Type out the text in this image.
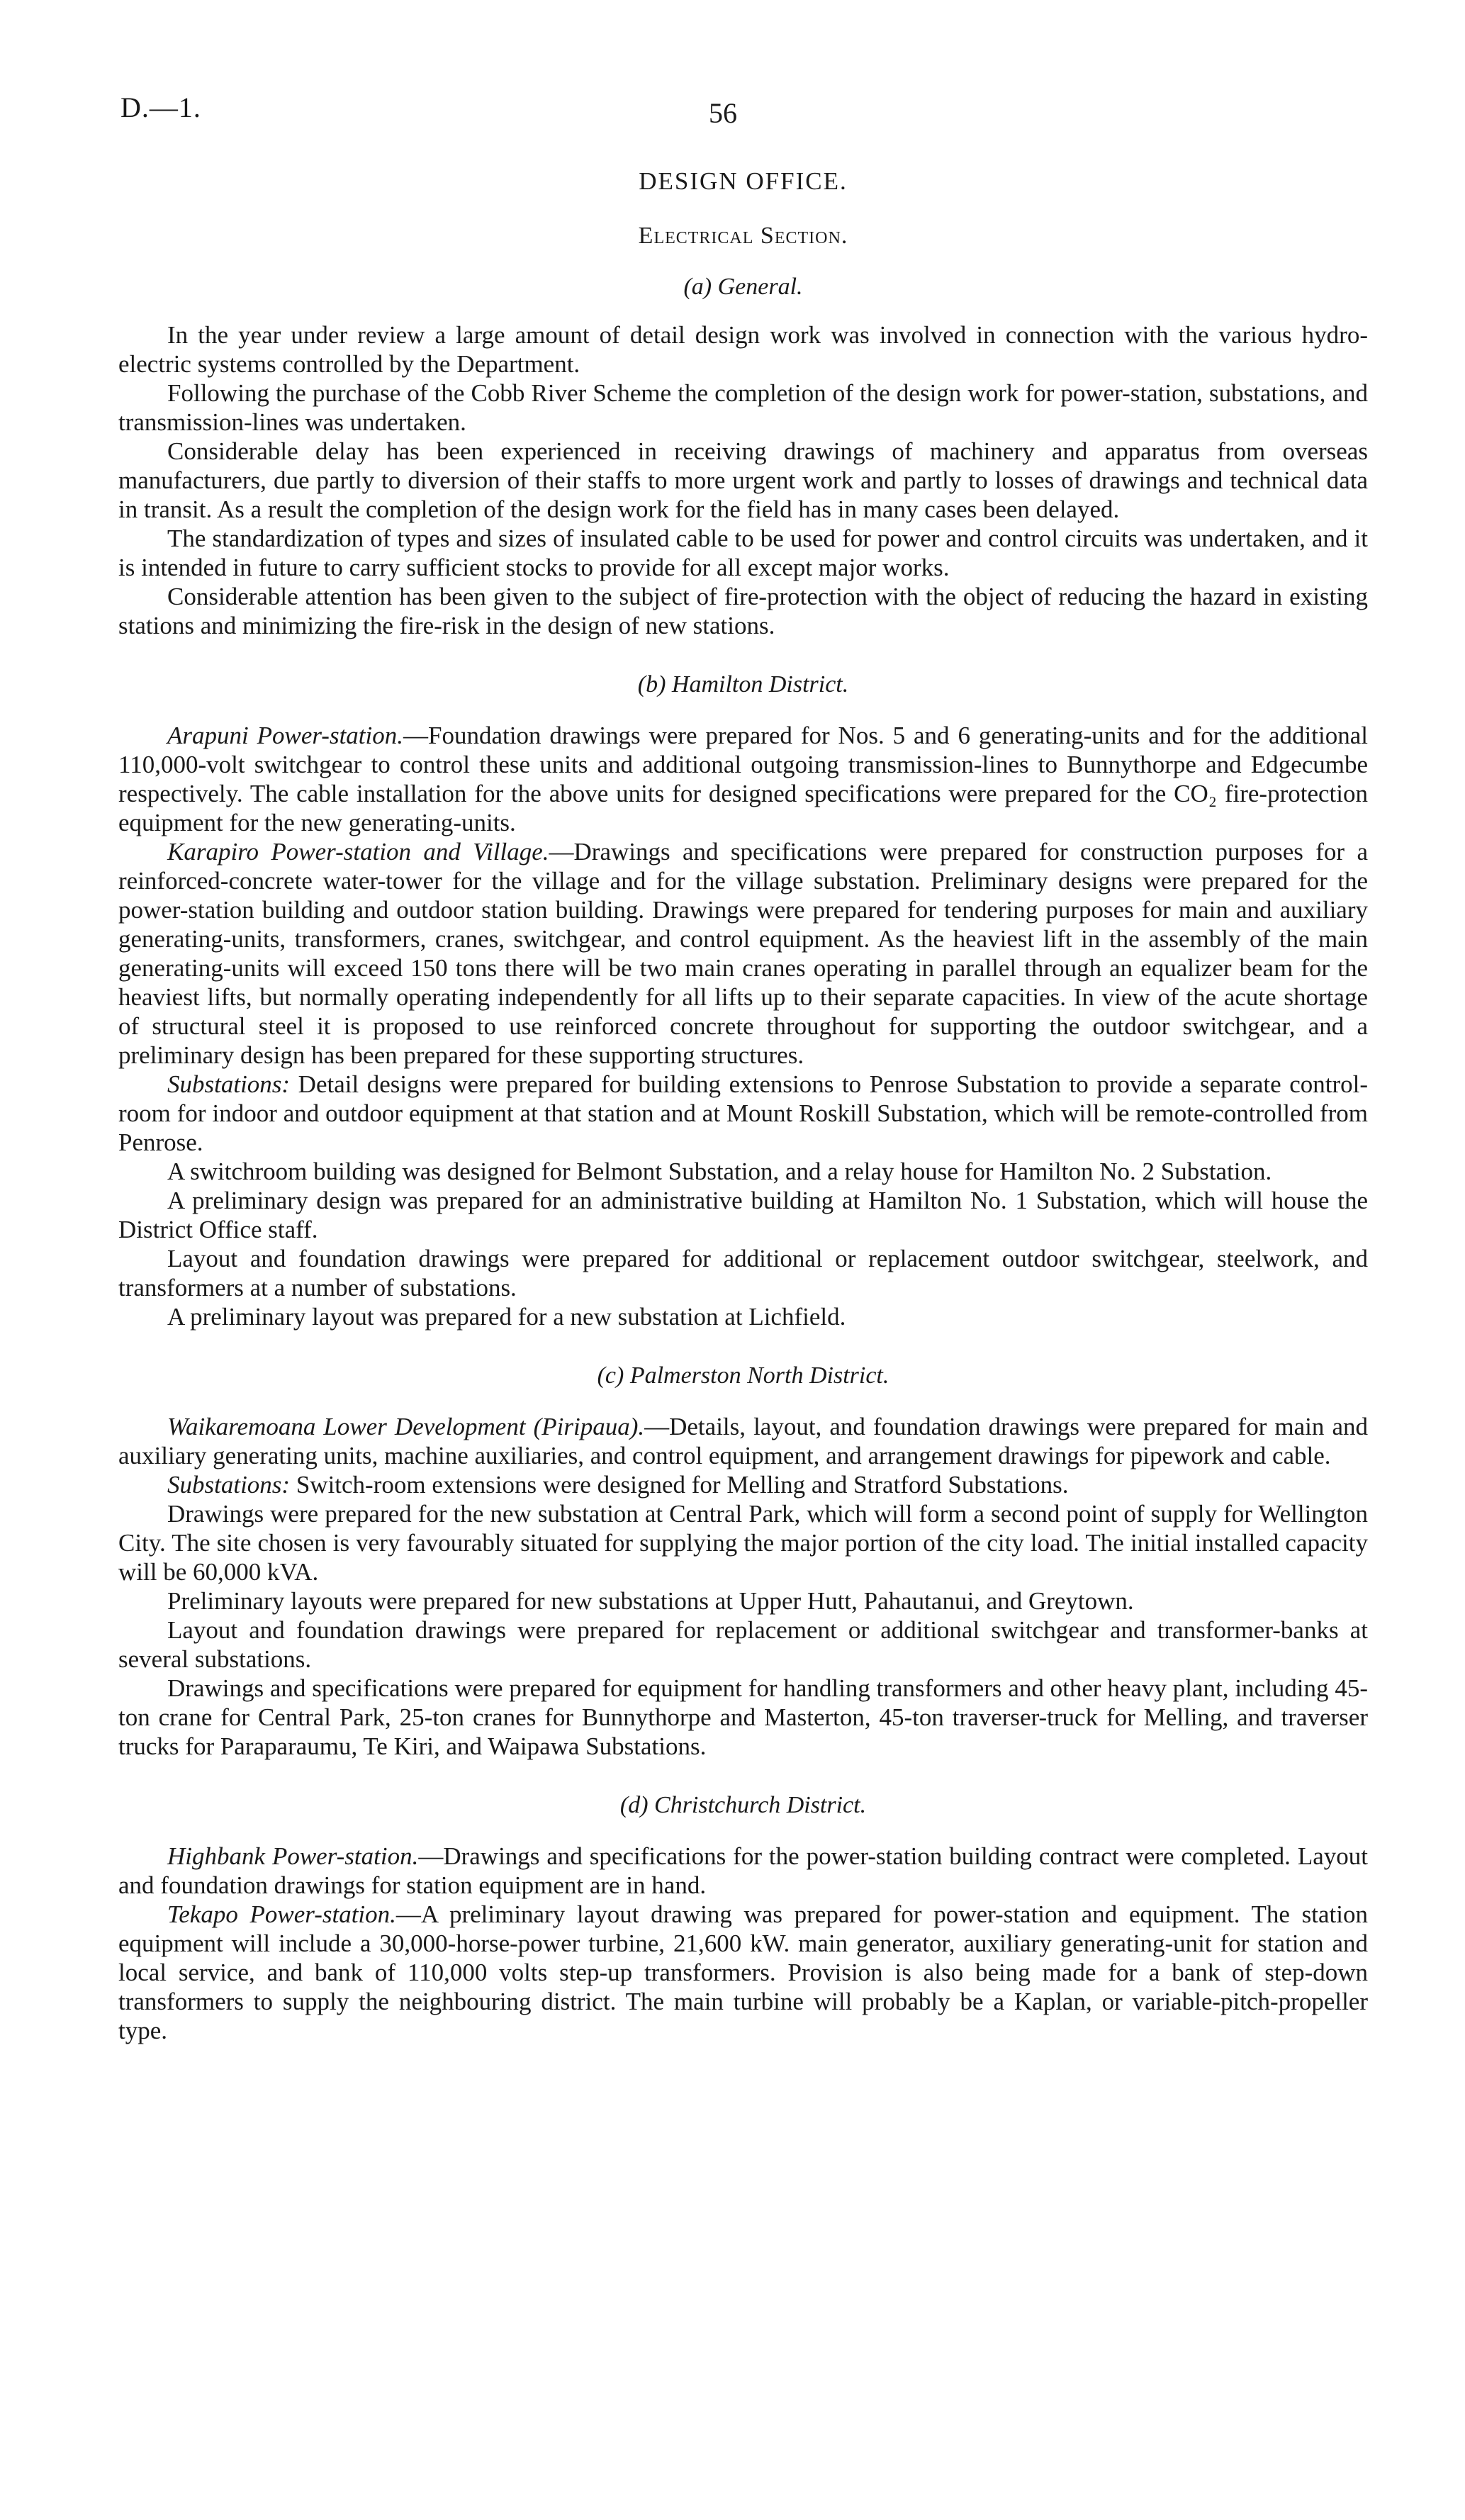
D.—1.	56
DESIGN OFFICE.
Electrical Section.
(a) General.

In the year under review a large amount of detail design work was involved in connection with the various hydro-electric systems controlled by the Department.

Following the purchase of the Cobb River Scheme the completion of the design work for power-station, substations, and transmission-lines was undertaken.

Considerable delay has been experienced in receiving drawings of machinery and apparatus from overseas manufacturers, due partly to diversion of their staffs to more urgent work and partly to losses of drawings and technical data in transit. As a result the completion of the design work for the field has in many cases been delayed.

The standardization of types and sizes of insulated cable to be used for power and control circuits was undertaken, and it is intended in future to carry sufficient stocks to provide for all except major works.

Considerable attention has been given to the subject of fire-protection with the object of reducing the hazard in existing stations and minimizing the fire-risk in the design of new stations.

(b) Hamilton District.

Arapuni Power-station.—Foundation drawings were prepared for Nos. 5 and 6 generating-units and for the additional 110,000-volt switchgear to control these units and additional outgoing transmission-lines to Bunnythorpe and Edgecumbe respectively. The cable installation for the above units for designed specifications were prepared for the CO₂ fire-protection equipment for the new generating-units.

Karapiro Power-station and Village.—Drawings and specifications were prepared for construction purposes for a reinforced-concrete water-tower for the village and for the village substation. Preliminary designs were prepared for the power-station building and outdoor station building. Drawings were prepared for tendering purposes for main and auxiliary generating-units, transformers, cranes, switchgear, and control equipment. As the heaviest lift in the assembly of the main generating-units will exceed 150 tons there will be two main cranes operating in parallel through an equalizer beam for the heaviest lifts, but normally operating independently for all lifts up to their separate capacities. In view of the acute shortage of structural steel it is proposed to use reinforced concrete throughout for supporting the outdoor switchgear, and a preliminary design has been prepared for these supporting structures.

Substations: Detail designs were prepared for building extensions to Penrose Substation to provide a separate control-room for indoor and outdoor equipment at that station and at Mount Roskill Substation, which will be remote-controlled from Penrose.

A switchroom building was designed for Belmont Substation, and a relay house for Hamilton No. 2 Substation.

A preliminary design was prepared for an administrative building at Hamilton No. 1 Substation, which will house the District Office staff.

Layout and foundation drawings were prepared for additional or replacement outdoor switchgear, steelwork, and transformers at a number of substations.

A preliminary layout was prepared for a new substation at Lichfield.

(c) Palmerston North District.

Waikaremoana Lower Development (Piripaua).—Details, layout, and foundation drawings were prepared for main and auxiliary generating units, machine auxiliaries, and control equipment, and arrangement drawings for pipework and cable.

Substations: Switch-room extensions were designed for Melling and Stratford Substations.

Drawings were prepared for the new substation at Central Park, which will form a second point of supply for Wellington City. The site chosen is very favourably situated for supplying the major portion of the city load. The initial installed capacity will be 60,000 kVA.

Preliminary layouts were prepared for new substations at Upper Hutt, Pahautanui, and Greytown.

Layout and foundation drawings were prepared for replacement or additional switchgear and transformer-banks at several substations.

Drawings and specifications were prepared for equipment for handling transformers and other heavy plant, including 45-ton crane for Central Park, 25-ton cranes for Bunnythorpe and Masterton, 45-ton traverser-truck for Melling, and traverser trucks for Paraparaumu, Te Kiri, and Waipawa Substations.

(d) Christchurch District.

Highbank Power-station.—Drawings and specifications for the power-station building contract were completed. Layout and foundation drawings for station equipment are in hand.

Tekapo Power-station.—A preliminary layout drawing was prepared for power-station and equipment. The station equipment will include a 30,000-horse-power turbine, 21,600 kW. main generator, auxiliary generating-unit for station and local service, and bank of 110,000 volts step-up transformers. Provision is also being made for a bank of step-down transformers to supply the neighbouring district. The main turbine will probably be a Kaplan, or variable-pitch-propeller type.
